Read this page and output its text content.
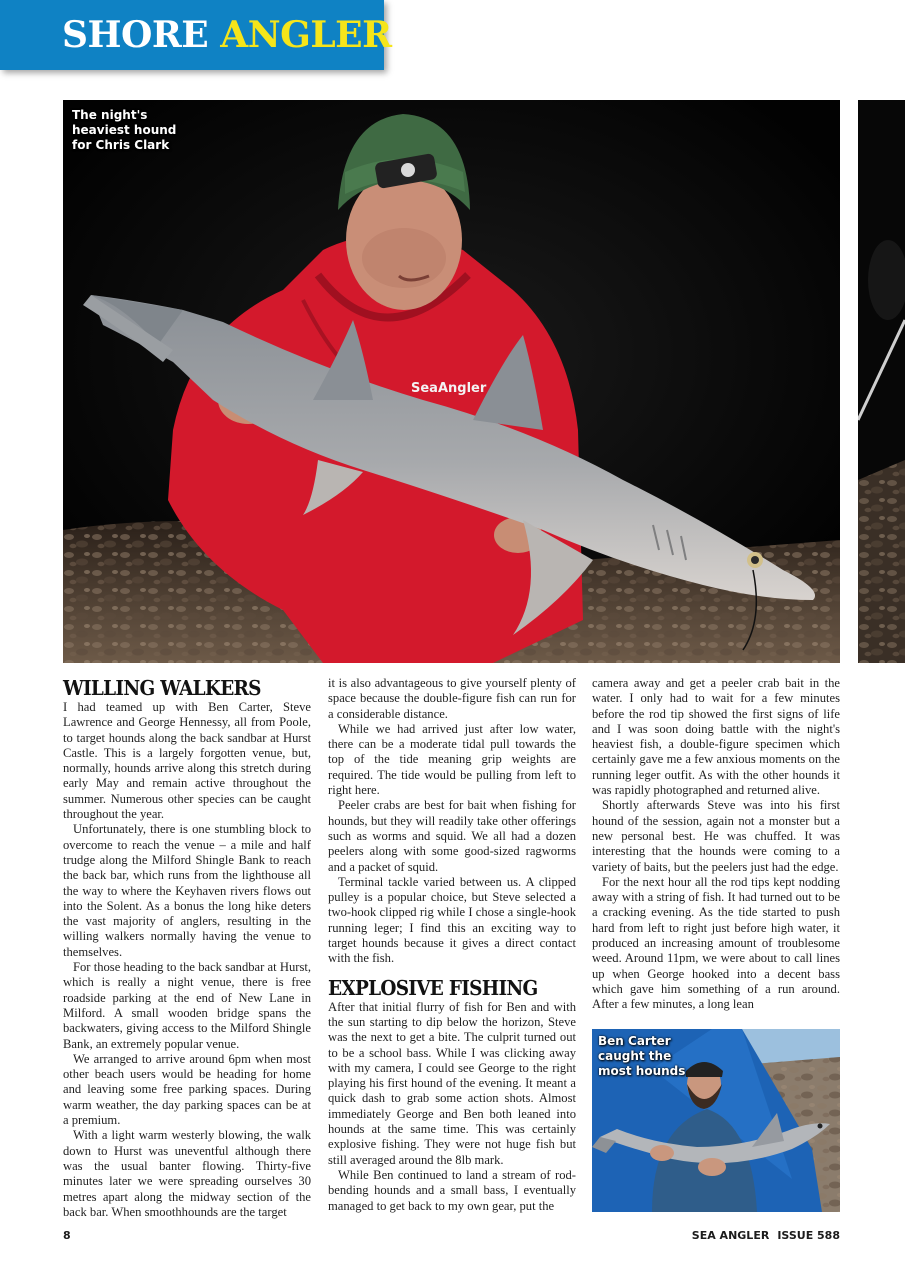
SHORE ANGLER
SeaAngler
The night's heaviest hound for Chris Clark
WILLING WALKERS

I had teamed up with Ben Carter, Steve Lawrence and George Hennessy, all from Poole, to target hounds along the back sandbar at Hurst Castle. This is a largely forgotten venue, but, normally, hounds arrive along this stretch during early May and remain active throughout the summer. Numerous other species can be caught throughout the year.

Unfortunately, there is one stumbling block to overcome to reach the venue – a mile and half trudge along the Milford Shingle Bank to reach the back bar, which runs from the lighthouse all the way to where the Keyhaven rivers flows out into the Solent. As a bonus the long hike deters the vast majority of anglers, resulting in the willing walkers normally having the venue to themselves.

For those heading to the back sandbar at Hurst, which is really a night venue, there is free roadside parking at the end of New Lane in Milford. A small wooden bridge spans the backwaters, giving access to the Milford Shingle Bank, an extremely popular venue.

We arranged to arrive around 6pm when most other beach users would be heading for home and leaving some free parking spaces. During warm weather, the day parking spaces can be at a premium.

With a light warm westerly blowing, the walk down to Hurst was uneventful although there was the usual banter flowing. Thirty-five minutes later we were spreading ourselves 30 metres apart along the midway section of the back bar. When smoothhounds are the target

it is also advantageous to give yourself plenty of space because the double-figure fish can run for a considerable distance.

While we had arrived just after low water, there can be a moderate tidal pull towards the top of the tide meaning grip weights are required. The tide would be pulling from left to right here.

Peeler crabs are best for bait when fishing for hounds, but they will readily take other offerings such as worms and squid. We all had a dozen peelers along with some good-sized ragworms and a packet of squid.

Terminal tackle varied between us. A clipped pulley is a popular choice, but Steve selected a two-hook clipped rig while I chose a single-hook running leger; I find this an exciting way to target hounds because it gives a direct contact with the fish.

EXPLOSIVE FISHING

After that initial flurry of fish for Ben and with the sun starting to dip below the horizon, Steve was the next to get a bite. The culprit turned out to be a school bass. While I was clicking away with my camera, I could see George to the right playing his first hound of the evening. It meant a quick dash to grab some action shots. Almost immediately George and Ben both leaned into hounds at the same time. This was certainly explosive fishing. They were not huge fish but still averaged around the 8lb mark.

While Ben continued to land a stream of rod-bending hounds and a small bass, I eventually managed to get back to my own gear, put the

camera away and get a peeler crab bait in the water. I only had to wait for a few minutes before the rod tip showed the first signs of life and I was soon doing battle with the night's heaviest fish, a double-figure specimen which certainly gave me a few anxious moments on the running leger outfit. As with the other hounds it was rapidly photographed and returned alive.

Shortly afterwards Steve was into his first hound of the session, again not a monster but a new personal best. He was chuffed. It was interesting that the hounds were coming to a variety of baits, but the peelers just had the edge.

For the next hour all the rod tips kept nodding away with a string of fish. It had turned out to be a cracking evening. As the tide started to push hard from left to right just before high water, it produced an increasing amount of troublesome weed. Around 11pm, we were about to call lines up when George hooked into a decent bass which gave him something of a run around. After a few minutes, a long lean

Ben Carter caught the most hounds
8	SEA ANGLER ISSUE 588
